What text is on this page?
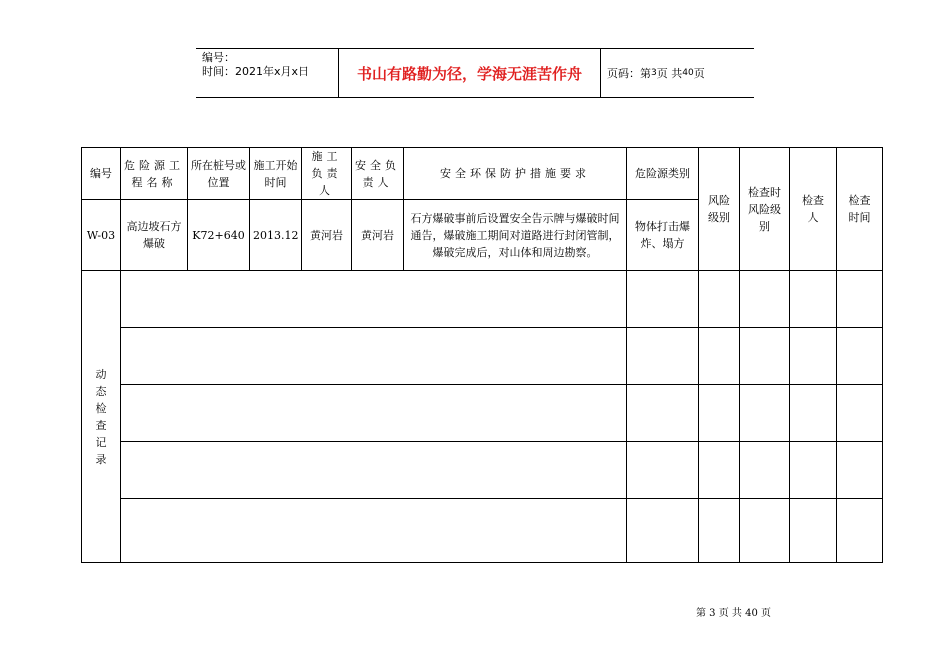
编号：
时间：2021年x月x日	书山有路勤为径，学海无涯苦作舟	页码：第 3 页 共 40 页
编号	危险源工程名称	所在桩号或位置	施工开始时间	施工负责人	安全负责人	安全环保防护措施要求	危险源类别	风险级别	检查时风险级别	检查人	检查时间
W-03	高边坡石方爆破	K72+640	2013.12	黄河岩	黄河岩	石方爆破事前后设置安全告示牌与爆破时间通告，爆破施工期间对道路进行封闭管制，爆破完成后，对山体和周边勘察。	物体打击爆炸、塌方				
动态检查记录											

第 3 页 共 40 页
